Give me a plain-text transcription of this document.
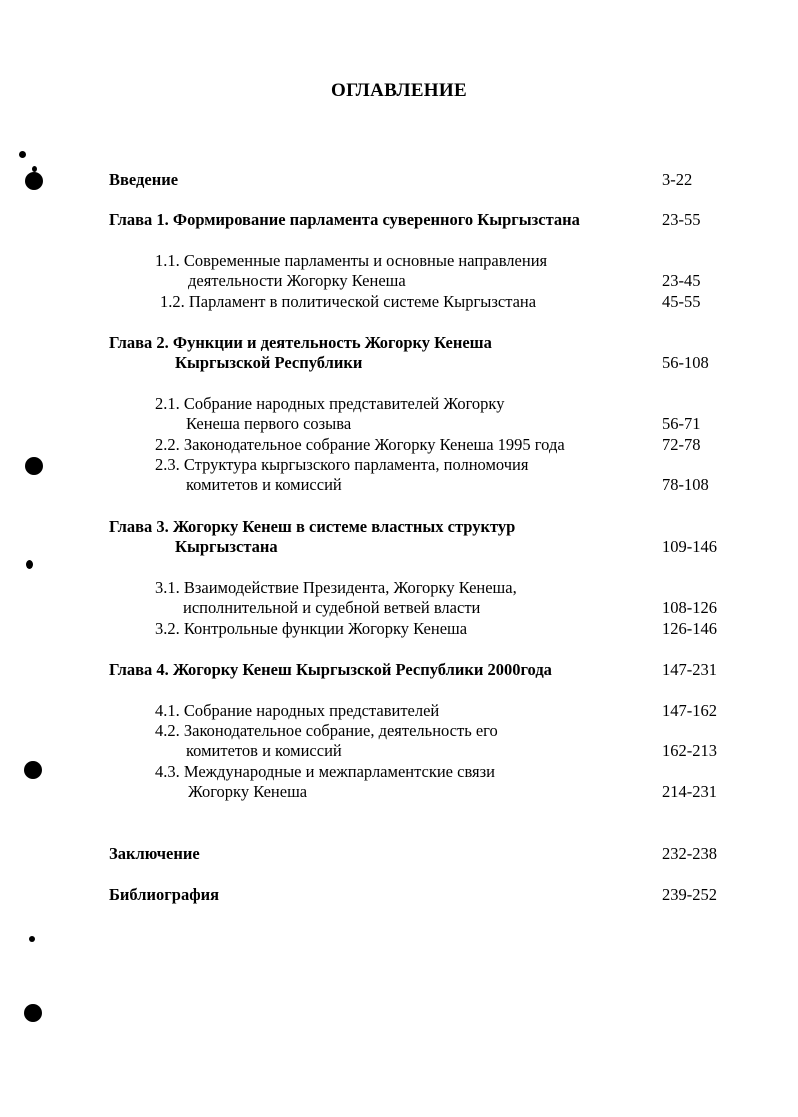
ОГЛАВЛЕНИЕ
Введение	3-22
Глава 1. Формирование парламента суверенного Кыргызстана	23-55
1.1. Современные парламенты и основные направления
деятельности Жогорку Кенеша	23-45
1.2. Парламент в политической системе Кыргызстана	45-55
Глава 2. Функции и деятельность Жогорку Кенеша
Кыргызской Республики	56-108
2.1. Собрание народных представителей Жогорку
Кенеша первого созыва	56-71
2.2. Законодательное собрание Жогорку Кенеша 1995 года	72-78
2.3. Структура кыргызского парламента, полномочия
комитетов и комиссий	78-108
Глава 3. Жогорку Кенеш в системе властных структур
Кыргызстана	109-146
3.1. Взаимодействие Президента, Жогорку Кенеша,
исполнительной и судебной ветвей власти	108-126
3.2. Контрольные функции Жогорку Кенеша	126-146
Глава 4. Жогорку Кенеш Кыргызской Республики 2000года	147-231
4.1. Собрание народных представителей	147-162
4.2. Законодательное собрание, деятельность его
комитетов и комиссий	162-213
4.3. Международные и межпарламентские связи
Жогорку Кенеша	214-231
Заключение	232-238
Библиография	239-252
